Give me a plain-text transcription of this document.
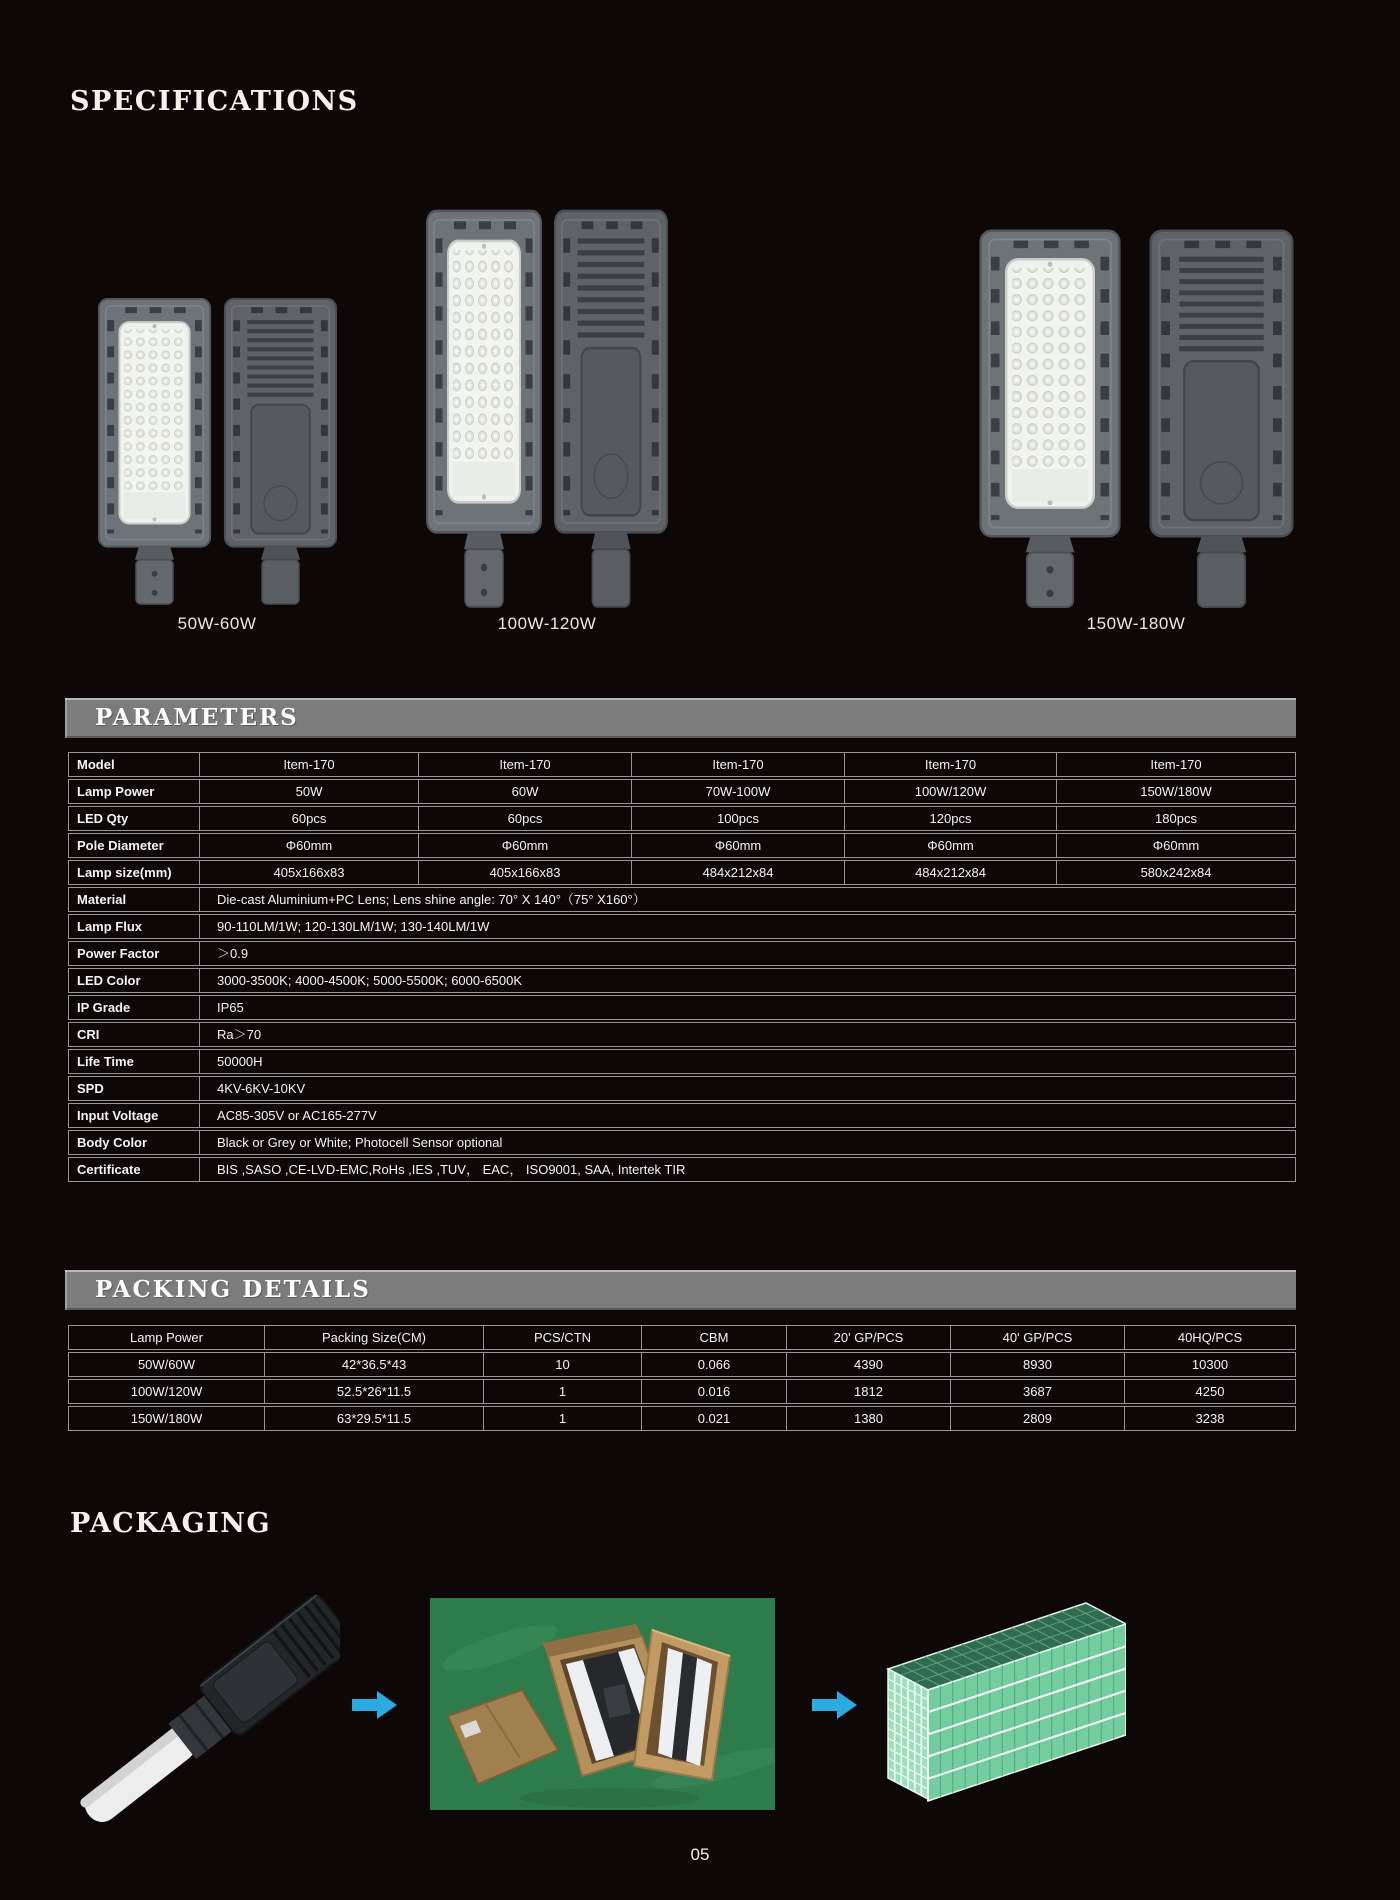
SPECIFICATIONS
50W-60W	100W-120W	150W-180W
PARAMETERS
Model	Item-170	Item-170	Item-170	Item-170	Item-170
Lamp Power	50W	60W	70W-100W	100W/120W	150W/180W
LED Qty	60pcs	60pcs	100pcs	120pcs	180pcs
Pole Diameter	Φ60mm	Φ60mm	Φ60mm	Φ60mm	Φ60mm
Lamp size(mm)	405x166x83	405x166x83	484x212x84	484x212x84	580x242x84
Material	Die-cast Aluminium+PC Lens; Lens shine angle: 70° X 140°（75° X160°）
Lamp Flux	90-110LM/1W; 120-130LM/1W; 130-140LM/1W
Power Factor	＞0.9
LED Color	3000-3500K; 4000-4500K; 5000-5500K; 6000-6500K
IP Grade	IP65
CRI	Ra＞70
Life Time	50000H
SPD	4KV-6KV-10KV
Input Voltage	AC85-305V or AC165-277V
Body Color	Black or Grey or White; Photocell Sensor optional
Certificate	BIS ,SASO ,CE-LVD-EMC,RoHs ,IES ,TUV， EAC， ISO9001, SAA, Intertek TIR
PACKING DETAILS
Lamp Power	Packing Size(CM)	PCS/CTN	CBM	20' GP/PCS	40' GP/PCS	40HQ/PCS
50W/60W	42*36.5*43	10	0.066	4390	8930	10300
100W/120W	52.5*26*11.5	1	0.016	1812	3687	4250
150W/180W	63*29.5*11.5	1	0.021	1380	2809	3238
PACKAGING
05
